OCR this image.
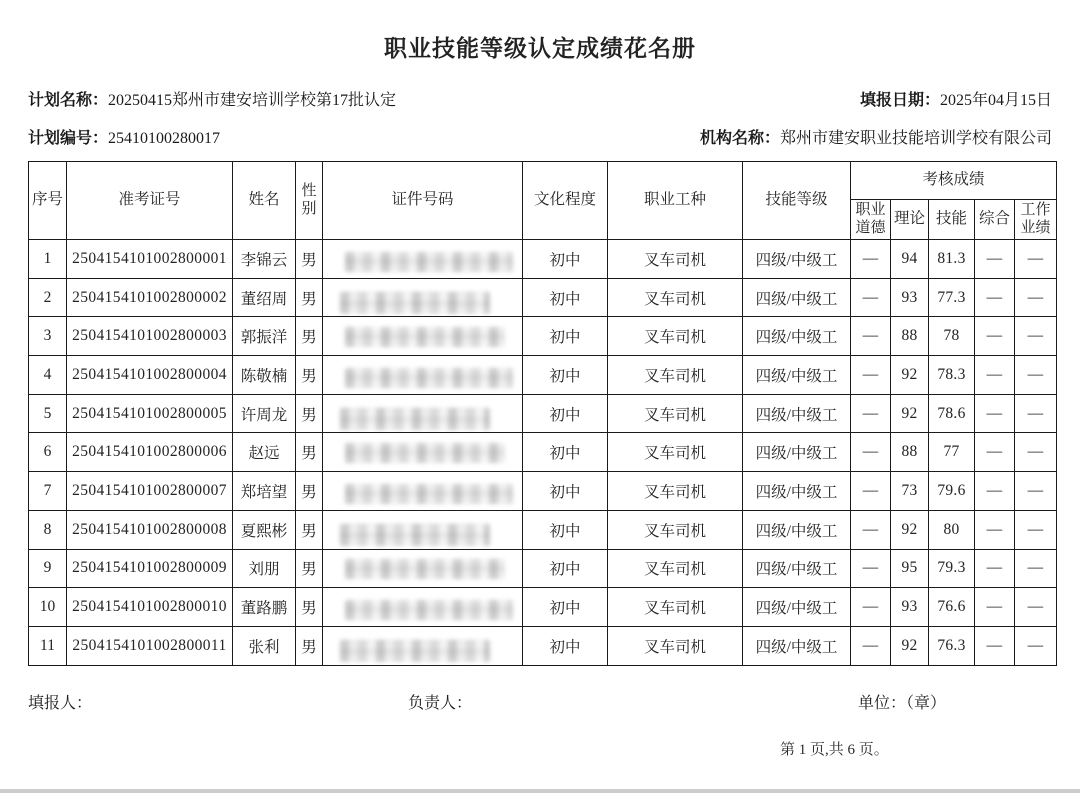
职业技能等级认定成绩花名册
计划名称：20250415郑州市建安培训学校第17批认定	填报日期：2025年04月15日
计划编号：25410100280017	机构名称：郑州市建安职业技能培训学校有限公司
序号	准考证号	姓名	性别	证件号码	文化程度	职业工种	技能等级	考核成绩				
								职业道德	理论	技能	综合	工作业绩
1	2504154101002800001	李锦云	男		初中	叉车司机	四级/中级工	—	94	81.3	—	—
2	2504154101002800002	董绍周	男		初中	叉车司机	四级/中级工	—	93	77.3	—	—
3	2504154101002800003	郭振洋	男		初中	叉车司机	四级/中级工	—	88	78	—	—
4	2504154101002800004	陈敬楠	男		初中	叉车司机	四级/中级工	—	92	78.3	—	—
5	2504154101002800005	许周龙	男		初中	叉车司机	四级/中级工	—	92	78.6	—	—
6	2504154101002800006	赵远	男		初中	叉车司机	四级/中级工	—	88	77	—	—
7	2504154101002800007	郑培望	男		初中	叉车司机	四级/中级工	—	73	79.6	—	—
8	2504154101002800008	夏熙彬	男		初中	叉车司机	四级/中级工	—	92	80	—	—
9	2504154101002800009	刘朋	男		初中	叉车司机	四级/中级工	—	95	79.3	—	—
10	2504154101002800010	董路鹏	男		初中	叉车司机	四级/中级工	—	93	76.6	—	—
11	2504154101002800011	张利	男		初中	叉车司机	四级/中级工	—	92	76.3	—	—
填报人：	负责人：	单位：（章）
第 1 页,共 6 页。
